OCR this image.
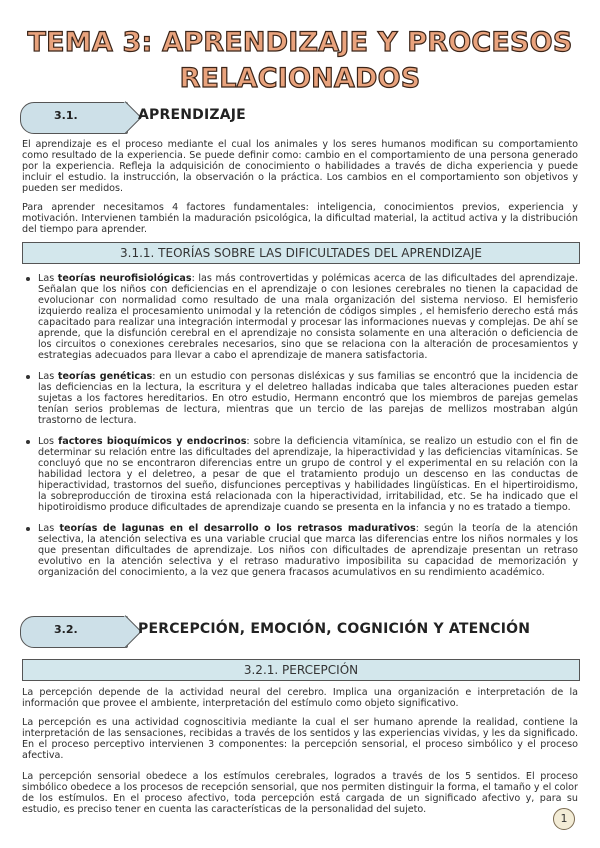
TEMA 3: APRENDIZAJE Y PROCESOS
RELACIONADOS
3.1.	APRENDIZAJE

El aprendizaje es el proceso mediante el cual los animales y los seres humanos modifican su comportamiento como resultado de la experiencia. Se puede definir como: cambio en el comportamiento de una persona generado por la experiencia. Refleja la adquisición de conocimiento o habilidades a través de dicha experiencia y puede incluir el estudio. la instrucción, la observación o la práctica. Los cambios en el comportamiento son objetivos y pueden ser medidos.

Para aprender necesitamos 4 factores fundamentales: inteligencia, conocimientos previos, experiencia y motivación. Intervienen también la maduración psicológica, la dificultad material, la actitud activa y la distribución del tiempo para aprender.

3.1.1. TEORÍAS SOBRE LAS DIFICULTADES DEL APRENDIZAJE
Las teorías neurofisiológicas: las más controvertidas y polémicas acerca de las dificultades del aprendizaje. Señalan que los niños con deficiencias en el aprendizaje o con lesiones cerebrales no tienen la capacidad de evolucionar con normalidad como resultado de una mala organización del sistema nervioso. El hemisferio izquierdo realiza el procesamiento unimodal y la retención de códigos simples , el hemisferio derecho está más capacitado para realizar una integración intermodal y procesar las informaciones nuevas y complejas. De ahí se aprende, que la disfunción cerebral en el aprendizaje no consista solamente en una alteración o deficiencia de los circuitos o conexiones cerebrales necesarios, sino que se relaciona con la alteración de procesamientos y estrategias adecuados para llevar a cabo el aprendizaje de manera satisfactoria.
Las teorías genéticas: en un estudio con personas disléxicas y sus familias se encontró que la incidencia de las deficiencias en la lectura, la escritura y el deletreo halladas indicaba que tales alteraciones pueden estar sujetas a los factores hereditarios. En otro estudio, Hermann encontró que los miembros de parejas gemelas tenían serios problemas de lectura, mientras que un tercio de las parejas de mellizos mostraban algún trastorno de lectura.
Los factores bioquímicos y endocrinos: sobre la deficiencia vitamínica, se realizo un estudio con el fin de determinar su relación entre las dificultades del aprendizaje, la hiperactividad y las deficiencias vitamínicas. Se concluyó que no se encontraron diferencias entre un grupo de control y el experimental en su relación con la habilidad lectora y el deletreo, a pesar de que el tratamiento produjo un descenso en las conductas de hiperactividad, trastornos del sueño, disfunciones perceptivas y habilidades lingüísticas. En el hipertiroidismo, la sobreproducción de tiroxina está relacionada con la hiperactividad, irritabilidad, etc. Se ha indicado que el hipotiroidismo produce dificultades de aprendizaje cuando se presenta en la infancia y no es tratado a tiempo.
Las teorías de lagunas en el desarrollo o los retrasos madurativos: según la teoría de la atención selectiva, la atención selectiva es una variable crucial que marca las diferencias entre los niños normales y los que presentan dificultades de aprendizaje. Los niños con dificultades de aprendizaje presentan un retraso evolutivo en la atención selectiva y el retraso madurativo imposibilita su capacidad de memorización y organización del conocimiento, a la vez que genera fracasos acumulativos en su rendimiento académico.
3.2.	PERCEPCIÓN, EMOCIÓN, COGNICIÓN Y ATENCIÓN
3.2.1. PERCEPCIÓN

La percepción depende de la actividad neural del cerebro. Implica una organización e interpretación de la información que provee el ambiente, interpretación del estímulo como objeto significativo.

La percepción es una actividad cognoscitivia mediante la cual el ser humano aprende la realidad, contiene la interpretación de las sensaciones, recibidas a través de los sentidos y las experiencias vividas, y les da significado. En el proceso perceptivo intervienen 3 componentes: la percepción sensorial, el proceso simbólico y el proceso afectiva.

La percepción sensorial obedece a los estímulos cerebrales, logrados a través de los 5 sentidos. El proceso simbólico obedece a los procesos de recepción sensorial, que nos permiten distinguir la forma, el tamaño y el color de los estímulos. En el proceso afectivo, toda percepción está cargada de un significado afectivo y, para su estudio, es preciso tener en cuenta las características de la personalidad del sujeto.

1
